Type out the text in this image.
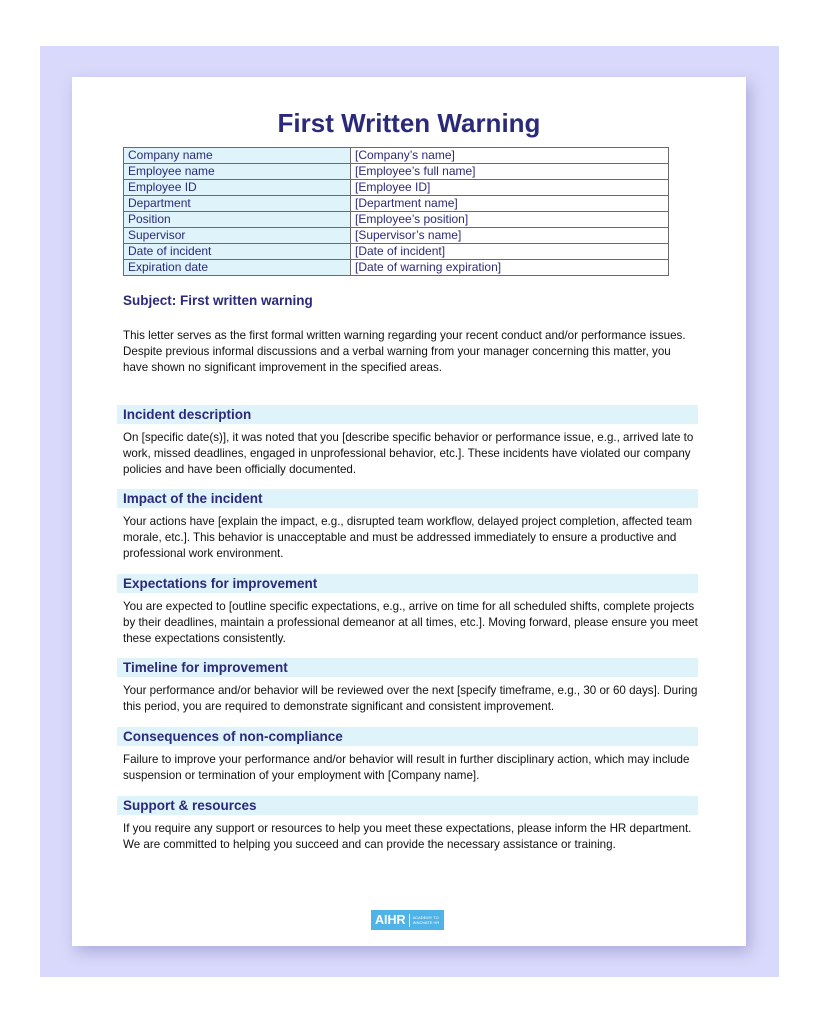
First Written Warning
Company name	[Company’s name]
Employee name	[Employee’s full name]
Employee ID	[Employee ID]
Department	[Department name]
Position	[Employee’s position]
Supervisor	[Supervisor’s name]
Date of incident	[Date of incident]
Expiration date	[Date of warning expiration]
Subject: First written warning
This letter serves as the first formal written warning regarding your recent conduct and/or performance issues. Despite previous informal discussions and a verbal warning from your manager concerning this matter, you have shown no significant improvement in the specified areas.
Incident description
On [specific date(s)], it was noted that you [describe specific behavior or performance issue, e.g., arrived late to work, missed deadlines, engaged in unprofessional behavior, etc.]. These incidents have violated our company policies and have been officially documented.
Impact of the incident
Your actions have [explain the impact, e.g., disrupted team workflow, delayed project completion, affected team morale, etc.]. This behavior is unacceptable and must be addressed immediately to ensure a productive and professional work environment.
Expectations for improvement
You are expected to [outline specific expectations, e.g., arrive on time for all scheduled shifts, complete projects by their deadlines, maintain a professional demeanor at all times, etc.]. Moving forward, please ensure you meet these expectations consistently.
Timeline for improvement
Your performance and/or behavior will be reviewed over the next [specify timeframe, e.g., 30 or 60 days]. During this period, you are required to demonstrate significant and consistent improvement.
Consequences of non-compliance
Failure to improve your performance and/or behavior will result in further disciplinary action, which may include suspension or termination of your employment with [Company name].
Support & resources
If you require any support or resources to help you meet these expectations, please inform the HR department. We are committed to helping you succeed and can provide the necessary assistance or training.
AIHR	ACADEMY TO INNOVATE HR
